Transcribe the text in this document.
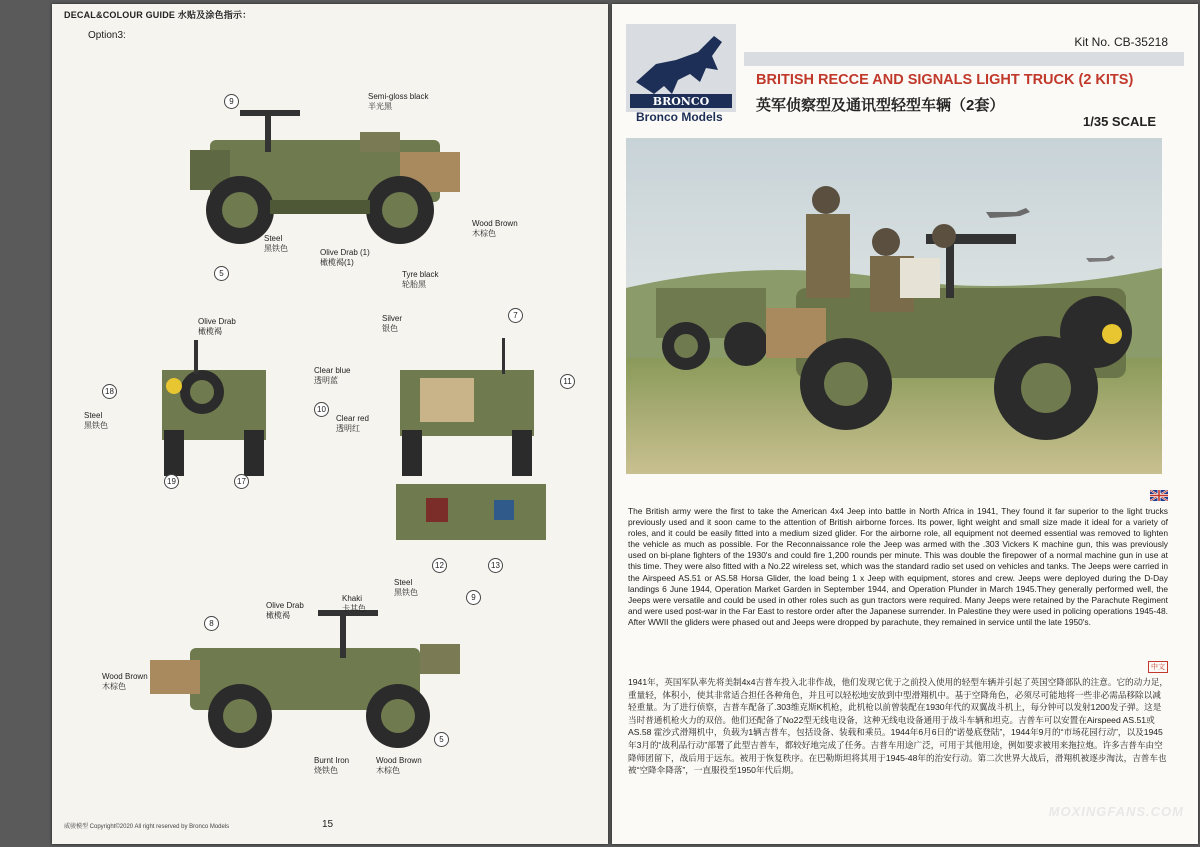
DECAL&COLOUR GUIDE 水贴及涂色指示：
Option3:
9
5
Semi-gloss black
半光黑
Steel
黑铁色	Olive Drab (1)
橄榄褐(1)
Wood Brown
木棕色
Tyre black
轮胎黑
18
10
19	17
Olive Drab
橄榄褐
Clear blue
透明蓝
Steel
黑铁色
7
11
Silver
银色
Clear red
透明红
12	13
8
9
5
Olive Drab
橄榄褐
Khaki
卡其色
Steel
黑铁色
Wood Brown
木棕色
Burnt Iron
烧铁色
Wood Brown
木棕色
威骏模型 Copyright©2020 All right reserved by Bronco Models	15
Kit No. CB-35218
BRONCO
Bronco Models
BRITISH RECCE AND SIGNALS LIGHT TRUCK (2 KITS)
英军侦察型及通讯型轻型车辆（2套）
1/35 SCALE
The British army were the first to take the American 4x4 Jeep into battle in North Africa in 1941, They found it far superior to the light trucks previously used and it soon came to the attention of British airborne forces. Its power, light weight and small size made it ideal for a variety of roles, and it could be easily fitted into a medium sized glider. For the airborne role, all equipment not deemed essential was removed to lighten the vehicle as much as possible. For the Reconnaissance role the Jeep was armed with the .303 Vickers K machine gun, this was previously used on bi-plane fighters of the 1930's and could fire 1,200 rounds per minute. This was double the firepower of a normal machine gun in use at this time. They were also fitted with a No.22 wireless set, which was the standard radio set used on vehicles and tanks. The Jeeps were carried in the Airspeed AS.51 or AS.58 Horsa Glider, the load being 1 x Jeep with equipment, stores and crew. Jeeps were deployed during the D-Day landings 6 June 1944, Operation Market Garden in September 1944, and Operation Plunder in March 1945.They generally performed well, the Jeeps were versatile and could be used in other roles such as gun tractors were required. Many Jeeps were retained by the Parachute Regiment and were used post-war in the Far East to restore order after the Japanese surrender. In Palestine they were used in policing operations 1945-48. After WWII the gliders were phased out and Jeeps were dropped by parachute, they remained in service until the late 1950's.
中文
1941年，英国军队率先将美制4x4吉普车投入北非作战，他们发现它优于之前投入使用的轻型车辆并引起了英国空降部队的注意。它的动力足，重量轻，体积小，使其非常适合担任各种角色，并且可以轻松地安放到中型滑翔机中。基于空降角色，必须尽可能地将一些非必需品移除以减轻重量。为了进行侦察，吉普车配备了.303维克斯K机枪，此机枪以前曾装配在1930年代的双翼战斗机上，每分钟可以发射1200发子弹。这是当时普通机枪火力的双倍。他们还配备了No22型无线电设备，这种无线电设备通用于战斗车辆和坦克。吉普车可以安置在Airspeed AS.51或AS.58 霍沙式滑翔机中，负载为1辆吉普车，包括设备、装载和乘员。1944年6月6日的“诺曼底登陆”，1944年9月的“市场花园行动”，以及1945年3月的“战利品行动”部署了此型吉普车，都较好地完成了任务。吉普车用途广泛，可用于其他用途，例如要求被用来拖拉炮。许多吉普车由空降师团留下，战后用于远东。被用于恢复秩序。在巴勒斯坦将其用于1945-48年的治安行动。第二次世界大战后，滑翔机被逐步淘汰，吉普车也被“空降伞降落”，一直服役至1950年代后期。
MOXINGFANS.COM
